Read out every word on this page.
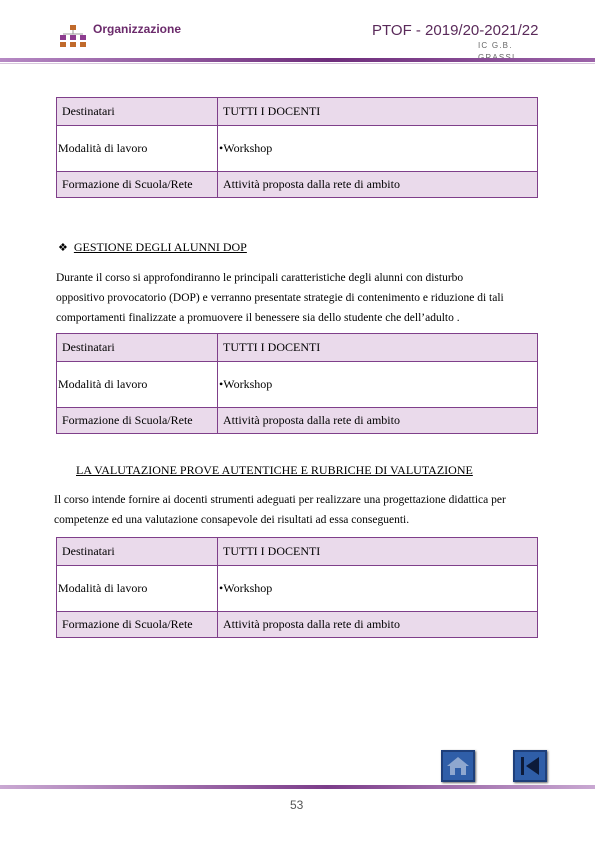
Organizzazione	PTOF - 2019/20-2021/22
IC G.B.
Destinatari	TUTTI I DOCENTI
Modalità di lavoro	•Workshop
Formazione di Scuola/Rete	Attività proposta dalla rete di ambito
❖ GESTIONE DEGLI ALUNNI DOP
Durante il corso si approfondiranno le principali caratteristiche degli alunni con disturbo
oppositivo provocatorio (DOP) e verranno presentate strategie di contenimento e riduzione di tali
comportamenti finalizzate a promuovere il benessere sia dello studente che dell’adulto .
Destinatari	TUTTI I DOCENTI
Modalità di lavoro	•Workshop
Formazione di Scuola/Rete	Attività proposta dalla rete di ambito
LA VALUTAZIONE PROVE AUTENTICHE E RUBRICHE DI VALUTAZIONE
Il corso intende fornire ai docenti strumenti adeguati per realizzare una progettazione didattica per
competenze ed una valutazione consapevole dei risultati ad essa conseguenti.
Destinatari	TUTTI I DOCENTI
Modalità di lavoro	•Workshop
Formazione di Scuola/Rete	Attività proposta dalla rete di ambito
53
